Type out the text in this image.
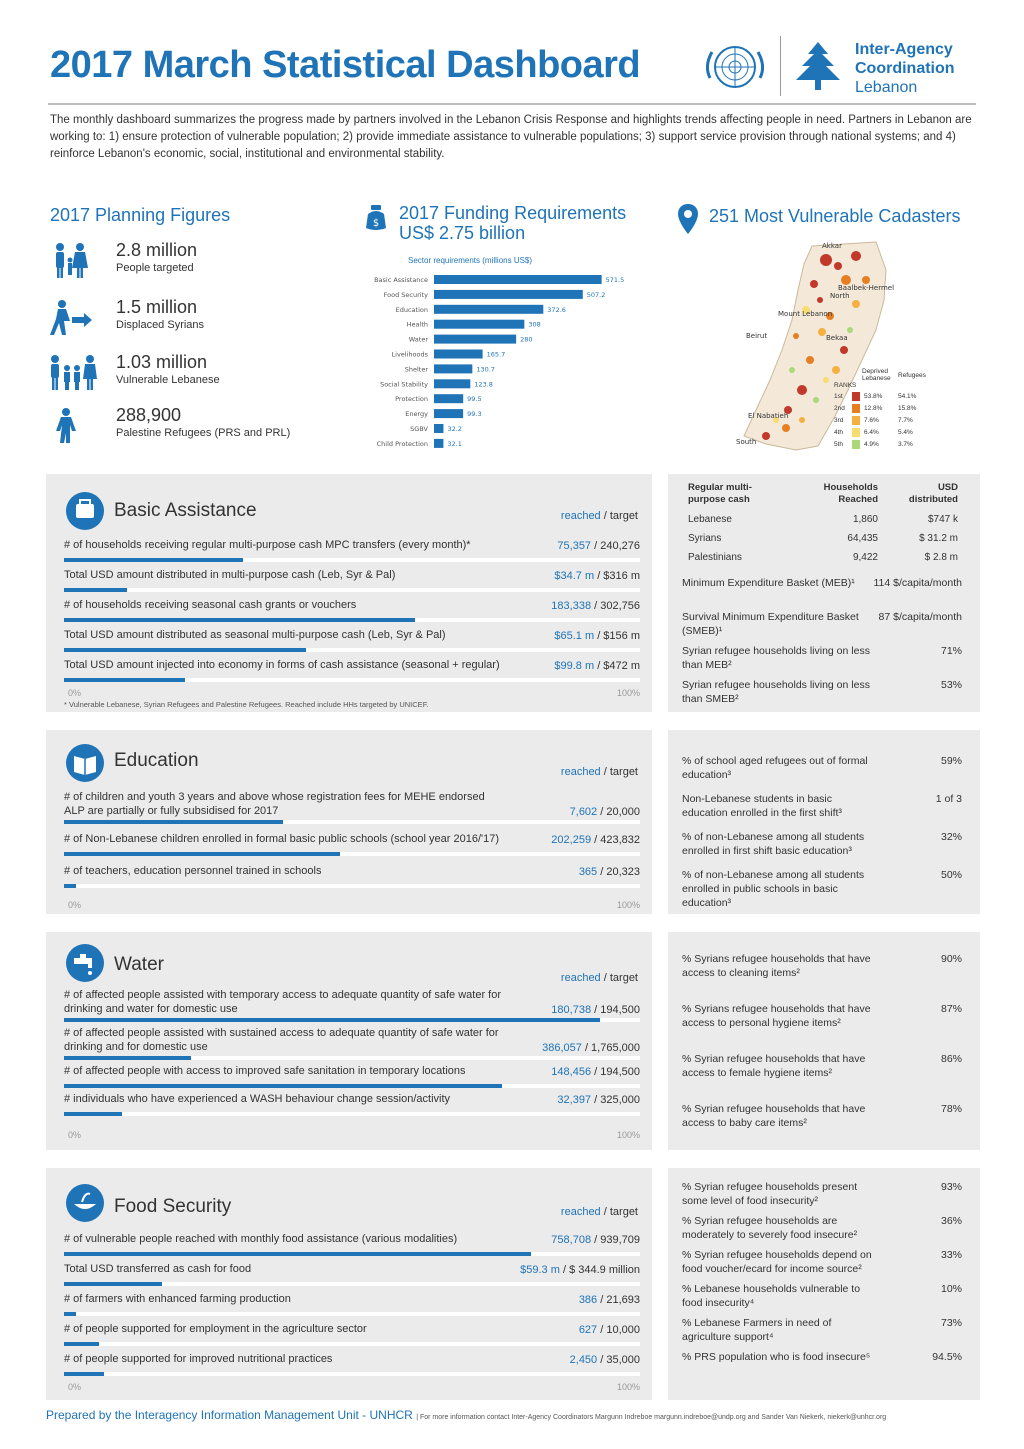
2017 March Statistical Dashboard	Inter-Agency
Coordination
Lebanon
The monthly dashboard summarizes the progress made by partners involved in the Lebanon Crisis Response and highlights trends affecting people in need. Partners in Lebanon are working to: 1) ensure protection of vulnerable population; 2) provide immediate assistance to vulnerable populations; 3) support service provision through national systems; and 4) reinforce Lebanon's economic, social, institutional and environmental stability.
2017 Planning Figures
2.8 million
People targeted
1.5 million
Displaced Syrians
1.03 million
Vulnerable Lebanese
288,900
Palestine Refugees (PRS and PRL)
$
2017 Funding Requirements
US$ 2.75 billion
Sector requirements (millions US$)
Basic Assistance	571.5
Food Security	507.2
Education	372.6
Health	308
Water	280
Livelihoods	165.7
Shelter	130.7
Social Stability	123.8
Protection	99.5
Energy	99.3
SGBV	32.2
Child Protection	32.1
251 Most Vulnerable Cadasters
North
Baalbek-Hermel
Mount Lebanon
Beirut	Bekaa
El Nabatieh
South
Akkar
Deprived Lebanese Refugees
RANKS
1st	53.8% 54.1%
2nd	12.8% 15.8%
3rd	7.6%	7.7%
4th	6.4%	5.4%
5th	4.9%	3.7%
Basic Assistance	reached / target
# of households receiving regular multi-purpose cash MPC transfers (every month)*	75,357 / 240,276
Total USD amount distributed in multi-purpose cash (Leb, Syr & Pal)	$34.7 m / $316 m
# of households receiving seasonal cash grants or vouchers	183,338 / 302,756
Total USD amount distributed as seasonal multi-purpose cash (Leb, Syr & Pal)	$65.1 m / $156 m
Total USD amount injected into economy in forms of cash assistance (seasonal + regular)	$99.8 m / $472 m
0%	100%
* Vulnerable Lebanese, Syrian Refugees and Palestine Refugees. Reached include HHs targeted by UNICEF.
Regular multi-purpose cash
Households Reached
USD distributed
Lebanese	1,860	$747 k
Syrians	64,435	$ 31.2 m
Palestinians	9,422	$ 2.8 m
Minimum Expenditure Basket (MEB)¹ 114 $/capita/month
Survival Minimum Expenditure Basket (SMEB)¹
87 $/capita/month
Syrian refugee households living on less than MEB²
71%
Syrian refugee households living on less than SMEB²
53%
Education
reached / target
# of children and youth 3 years and above whose registration fees for MEHE endorsed ALP are partially or fully subsidised for 2017	7,602 / 20,000
# of Non-Lebanese children enrolled in formal basic public schools (school year 2016/'17)	202,259 / 423,832
# of teachers, education personnel trained in schools	365 / 20,323
0%	100%
% of school aged refugees out of formal education³
59%
Non-Lebanese students in basic education enrolled in the first shift³
1 of 3
% of non-Lebanese among all students enrolled in first shift basic education³
32%
% of non-Lebanese among all students enrolled in public schools in basic education³
50%
Water
reached / target
# of affected people assisted with temporary access to adequate quantity of safe water for drinking and water for domestic use	180,738 / 194,500
# of affected people assisted with sustained access to adequate quantity of safe water for drinking and for domestic use	386,057 / 1,765,000
# of affected people with access to improved safe sanitation in temporary locations	148,456 / 194,500
# individuals who have experienced a WASH behaviour change session/activity	32,397 / 325,000
0%	100%
% Syrians refugee households that have access to cleaning items²
90%
% Syrians refugee households that have access to personal hygiene items²
87%
% Syrian refugee households that have access to female hygiene items²
86%
% Syrian refugee households that have access to baby care items²
78%
Food Security	reached / target
# of vulnerable people reached with monthly food assistance (various modalities)	758,708 / 939,709
Total USD transferred as cash for food	$59.3 m / $ 344.9 million
# of farmers with enhanced farming production	386 / 21,693
# of people supported for employment in the agriculture sector	627 / 10,000
# of people supported for improved nutritional practices	2,450 / 35,000
0%	100%
% Syrian refugee households present some level of food insecurity²
93%
% Syrian refugee households are moderately to severely food insecure²
36%
% Syrian refugee households depend on food voucher/ecard for income source²
33%
% Lebanese households vulnerable to food insecurity⁴
10%
% Lebanese Farmers in need of agriculture support⁴
73%
% PRS population who is food insecure⁵	94.5%
Prepared by the Interagency Information Management Unit - UNHCR | For more information contact Inter-Agency Coordinators Margunn Indreboe margunn.indreboe@undp.org and Sander Van Niekerk, niekerk@unhcr.org
